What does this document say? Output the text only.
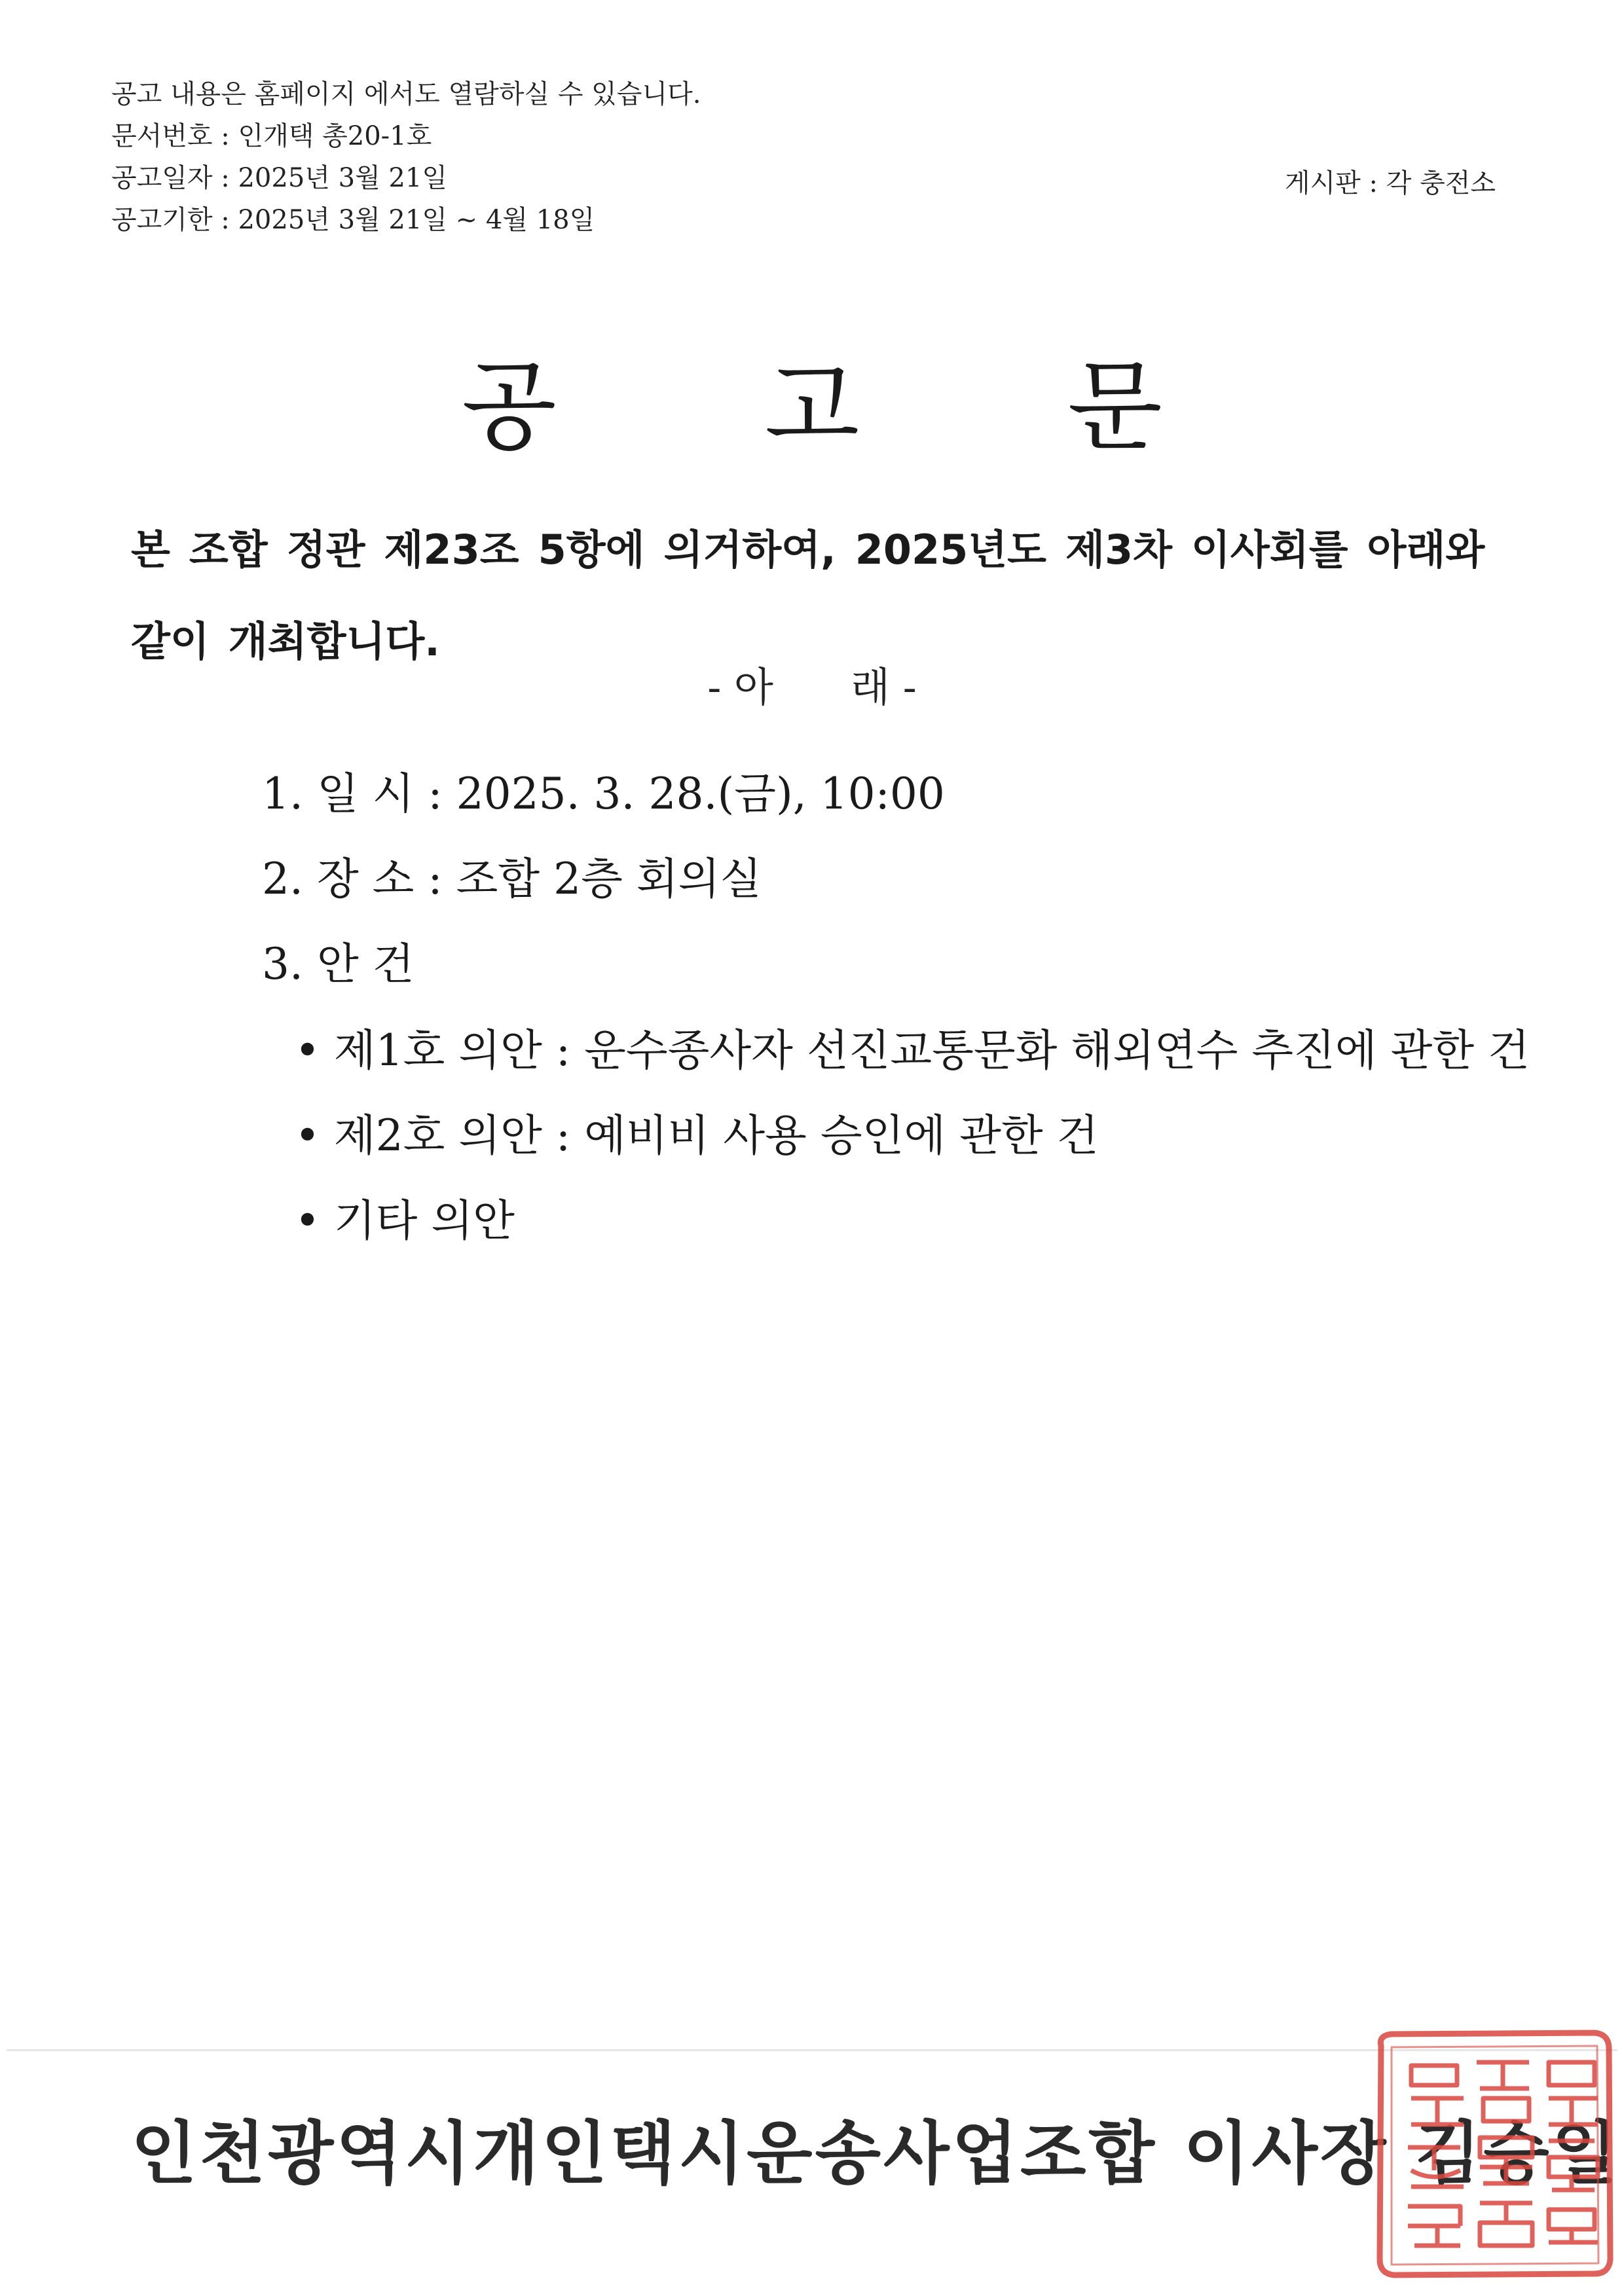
공고 내용은 홈페이지 에서도 열람하실 수 있습니다.
문서번호 : 인개택 총20-1호
공고일자 : 2025년 3월 21일
공고기한 : 2025년 3월 21일 ~ 4월 18일
게시판 : 각 충전소
공 고 문
본 조합 정관 제23조 5항에 의거하여, 2025년도 제3차 이사회를 아래와 같이 개최합니다.
- 아      래 -
1. 일 시 : 2025. 3. 28.(금), 10:00
2. 장 소 : 조합 2층 회의실
3. 안 건
• 제1호 의안 : 운수종사자 선진교통문화 해외연수 추진에 관한 건
• 제2호 의안 : 예비비 사용 승인에 관한 건
• 기타 의안
인천광역시개인택시운송사업조합 이사장 김승일
